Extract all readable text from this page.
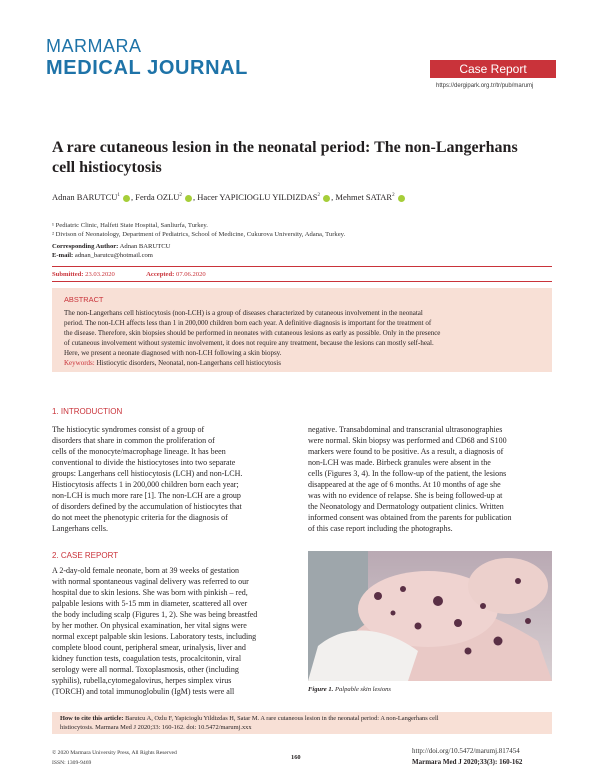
MARMARA
MEDICAL JOURNAL	Case Report
https://dergipark.org.tr/tr/pub/marumj
A rare cutaneous lesion in the neonatal period: The non-Langerhans
cell histiocytosis
Adnan BARUTCU$^1$ , Ferda OZLU$^2$ , Hacer YAPICIOGLU YILDIZDAS$^2$ , Mehmet SATAR$^2$
¹ Pediatric Clinic, Halfeti State Hospital, Sanliurfa, Turkey.
² Divison of Neonatology, Department of Pediatrics, School of Medicine, Cukurova University, Adana, Turkey.
Corresponding Author: Adnan BARUTCU
E-mail: adnan_barutcu@hotmail.com
Submitted: 23.03.2020	Accepted: 07.06.2020
ABSTRACT
The non-Langerhans cell histiocytosis (non-LCH) is a group of diseases characterized by cutaneous involvement in the neonatal
period. The non-LCH affects less than 1 in 200,000 children born each year. A definitive diagnosis is important for the treatment of
the disease. Therefore, skin biopsies should be performed in neonates with cutaneous lesions as early as possible. Only in the presence
of cutaneous involvement without systemic involvement, it does not require any treatment, because the lesions can mostly self-heal.
Here, we present a neonate diagnosed with non-LCH following a skin biopsy.
Keywords: Histiocytic disorders, Neonatal, non-Langerhans cell histiocytosis
1. INTRODUCTION
The histiocytic syndromes consist of a group of
disorders that share in common the proliferation of
cells of the monocyte/macrophage lineage. It has been
conventional to divide the histiocytoses into two separate
groups: Langerhans cell histiocytosis (LCH) and non-LCH.
Histiocytosis affects 1 in 200,000 children born each year;
non-LCH is much more rare [1]. The non-LCH are a group
of disorders defined by the accumulation of histiocytes that
do not meet the phenotypic criteria for the diagnosis of
Langerhans cells.
2. CASE REPORT
A 2-day-old female neonate, born at 39 weeks of gestation
with normal spontaneous vaginal delivery was referred to our
hospital due to skin lesions. She was born with pinkish – red,
palpable lesions with 5-15 mm in diameter, scattered all over
the body including scalp (Figures 1, 2). She was being breastfed
by her mother. On physical examination, her vital signs were
normal except palpable skin lesions. Laboratory tests, including
complete blood count, peripheral smear, urinalysis, liver and
kidney function tests, coagulation tests, procalcitonin, viral
serology were all normal. Toxoplasmosis, other (including
syphilis), rubella,cytomegalovirus, herpes simplex virus
(TORCH) and total immunoglobulin (IgM) tests were all
negative. Transabdominal and transcranial ultrasonographies
were normal. Skin biopsy was performed and CD68 and S100
markers were found to be positive. As a result, a diagnosis of
non-LCH was made. Birbeck granules were absent in the
cells (Figures 3, 4). In the follow-up of the patient, the lesions
disappeared at the age of 6 months. At 10 months of age she
was with no evidence of relapse. She is being followed-up at
the Neonatology and Dermatology outpatient clinics. Written
informed consent was obtained from the parents for publication
of this case report including the photographs.
Figure 1. Palpable skin lesions
How to cite this article: Barutcu A, Ozlu F, Yapicioglu Yildizdas H, Satar M. A rare cutaneous lesion in the neonatal period: A non-Langerhans cell
histiocytosis. Marmara Med J 2020;33: 160-162. doi: 10.5472/marumj.xxx
© 2020 Marmara University Press, All Rights Reserved
ISSN: 1309-9469
160
http://doi.org/10.5472/marumj.817454
Marmara Med J 2020;33(3): 160-162
